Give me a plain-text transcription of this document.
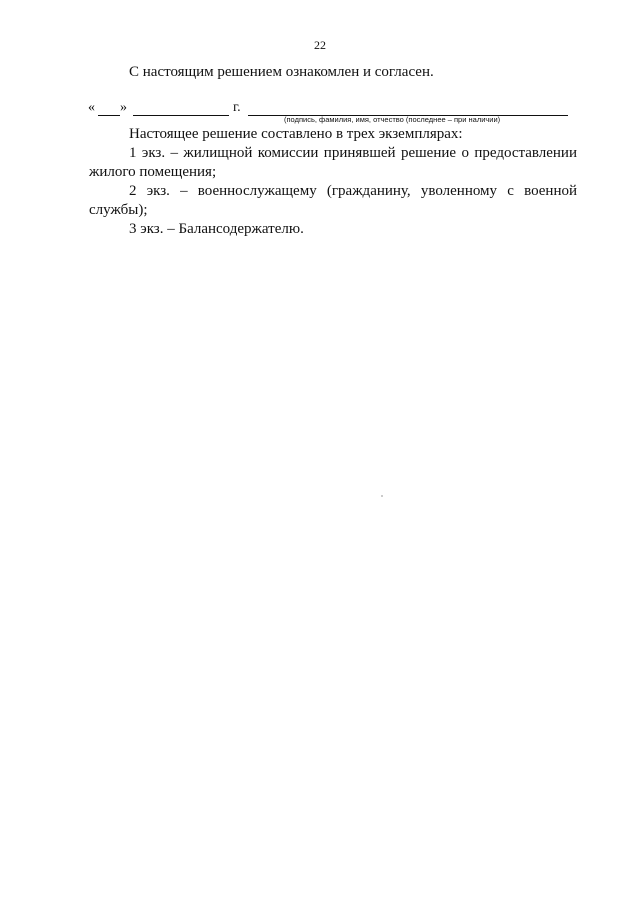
22
С настоящим решением ознакомлен и согласен.
« »	г.
(подпись, фамилия, имя, отчество (последнее – при наличии)

Настоящее решение составлено в трех экземплярах:

1 экз. – жилищной комиссии принявшей решение о предоставлении жилого помещения;

2 экз. – военнослужащему (гражданину, уволенному с военной службы);

3 экз. – Балансодержателю.
